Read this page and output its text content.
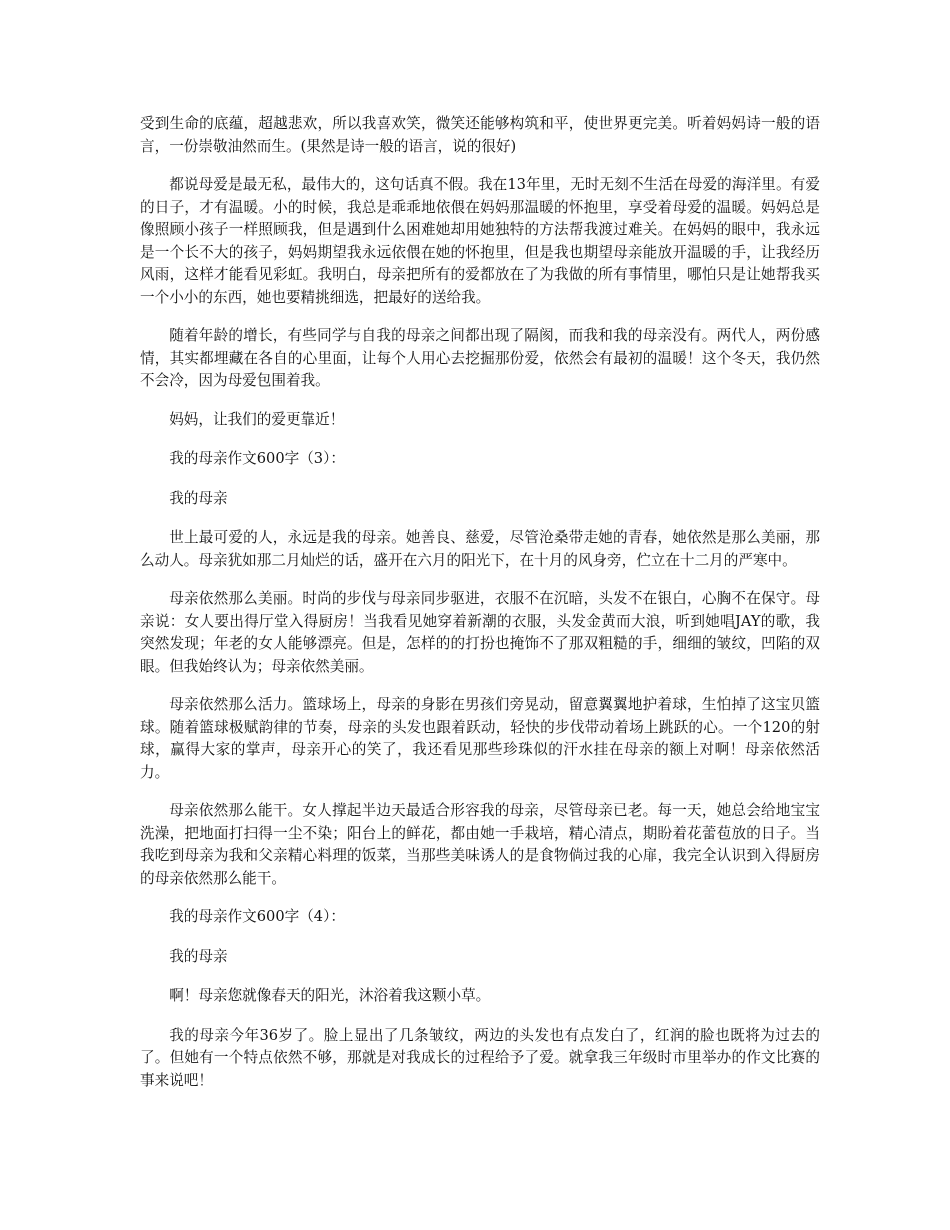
受到生命的底蕴，超越悲欢，所以我喜欢笑，微笑还能够构筑和平，使世界更完美。听着妈妈诗一般的语言，一份崇敬油然而生。(果然是诗一般的语言，说的很好)

都说母爱是最无私，最伟大的，这句话真不假。我在13年里，无时无刻不生活在母爱的海洋里。有爱的日子，才有温暖。小的时候，我总是乖乖地依偎在妈妈那温暖的怀抱里，享受着母爱的温暖。妈妈总是像照顾小孩子一样照顾我，但是遇到什么困难她却用她独特的方法帮我渡过难关。在妈妈的眼中，我永远是一个长不大的孩子，妈妈期望我永远依偎在她的怀抱里，但是我也期望母亲能放开温暖的手，让我经历风雨，这样才能看见彩虹。我明白，母亲把所有的爱都放在了为我做的所有事情里，哪怕只是让她帮我买一个小小的东西，她也要精挑细选，把最好的送给我。

随着年龄的增长，有些同学与自我的母亲之间都出现了隔阂，而我和我的母亲没有。两代人，两份感情，其实都埋藏在各自的心里面，让每个人用心去挖掘那份爱，依然会有最初的温暖！这个冬天，我仍然不会冷，因为母爱包围着我。

妈妈，让我们的爱更靠近！

我的母亲作文600字（3）：

我的母亲

世上最可爱的人，永远是我的母亲。她善良、慈爱，尽管沧桑带走她的青春，她依然是那么美丽，那么动人。母亲犹如那二月灿烂的话，盛开在六月的阳光下，在十月的风身旁，伫立在十二月的严寒中。

母亲依然那么美丽。时尚的步伐与母亲同步驱进，衣服不在沉暗，头发不在银白，心胸不在保守。母亲说：女人要出得厅堂入得厨房！当我看见她穿着新潮的衣服，头发金黄而大浪，听到她唱JAY的歌，我突然发现；年老的女人能够漂亮。但是，怎样的的打扮也掩饰不了那双粗糙的手，细细的皱纹，凹陷的双眼。但我始终认为；母亲依然美丽。

母亲依然那么活力。篮球场上，母亲的身影在男孩们旁晃动，留意翼翼地护着球，生怕掉了这宝贝篮球。随着篮球极赋韵律的节奏，母亲的头发也跟着跃动，轻快的步伐带动着场上跳跃的心。一个120的射球，赢得大家的掌声，母亲开心的笑了，我还看见那些珍珠似的汗水挂在母亲的额上对啊！母亲依然活力。

母亲依然那么能干。女人撑起半边天最适合形容我的母亲，尽管母亲已老。每一天，她总会给地宝宝洗澡，把地面打扫得一尘不染；阳台上的鲜花，都由她一手栽培，精心清点，期盼着花蕾苞放的日子。当我吃到母亲为我和父亲精心料理的饭菜，当那些美味诱人的是食物倘过我的心扉，我完全认识到入得厨房的母亲依然那么能干。

我的母亲作文600字（4）：

我的母亲

啊！母亲您就像春天的阳光，沐浴着我这颗小草。

我的母亲今年36岁了。脸上显出了几条皱纹，两边的头发也有点发白了，红润的脸也既将为过去的了。但她有一个特点依然不够，那就是对我成长的过程给予了爱。就拿我三年级时市里举办的作文比赛的事来说吧！
